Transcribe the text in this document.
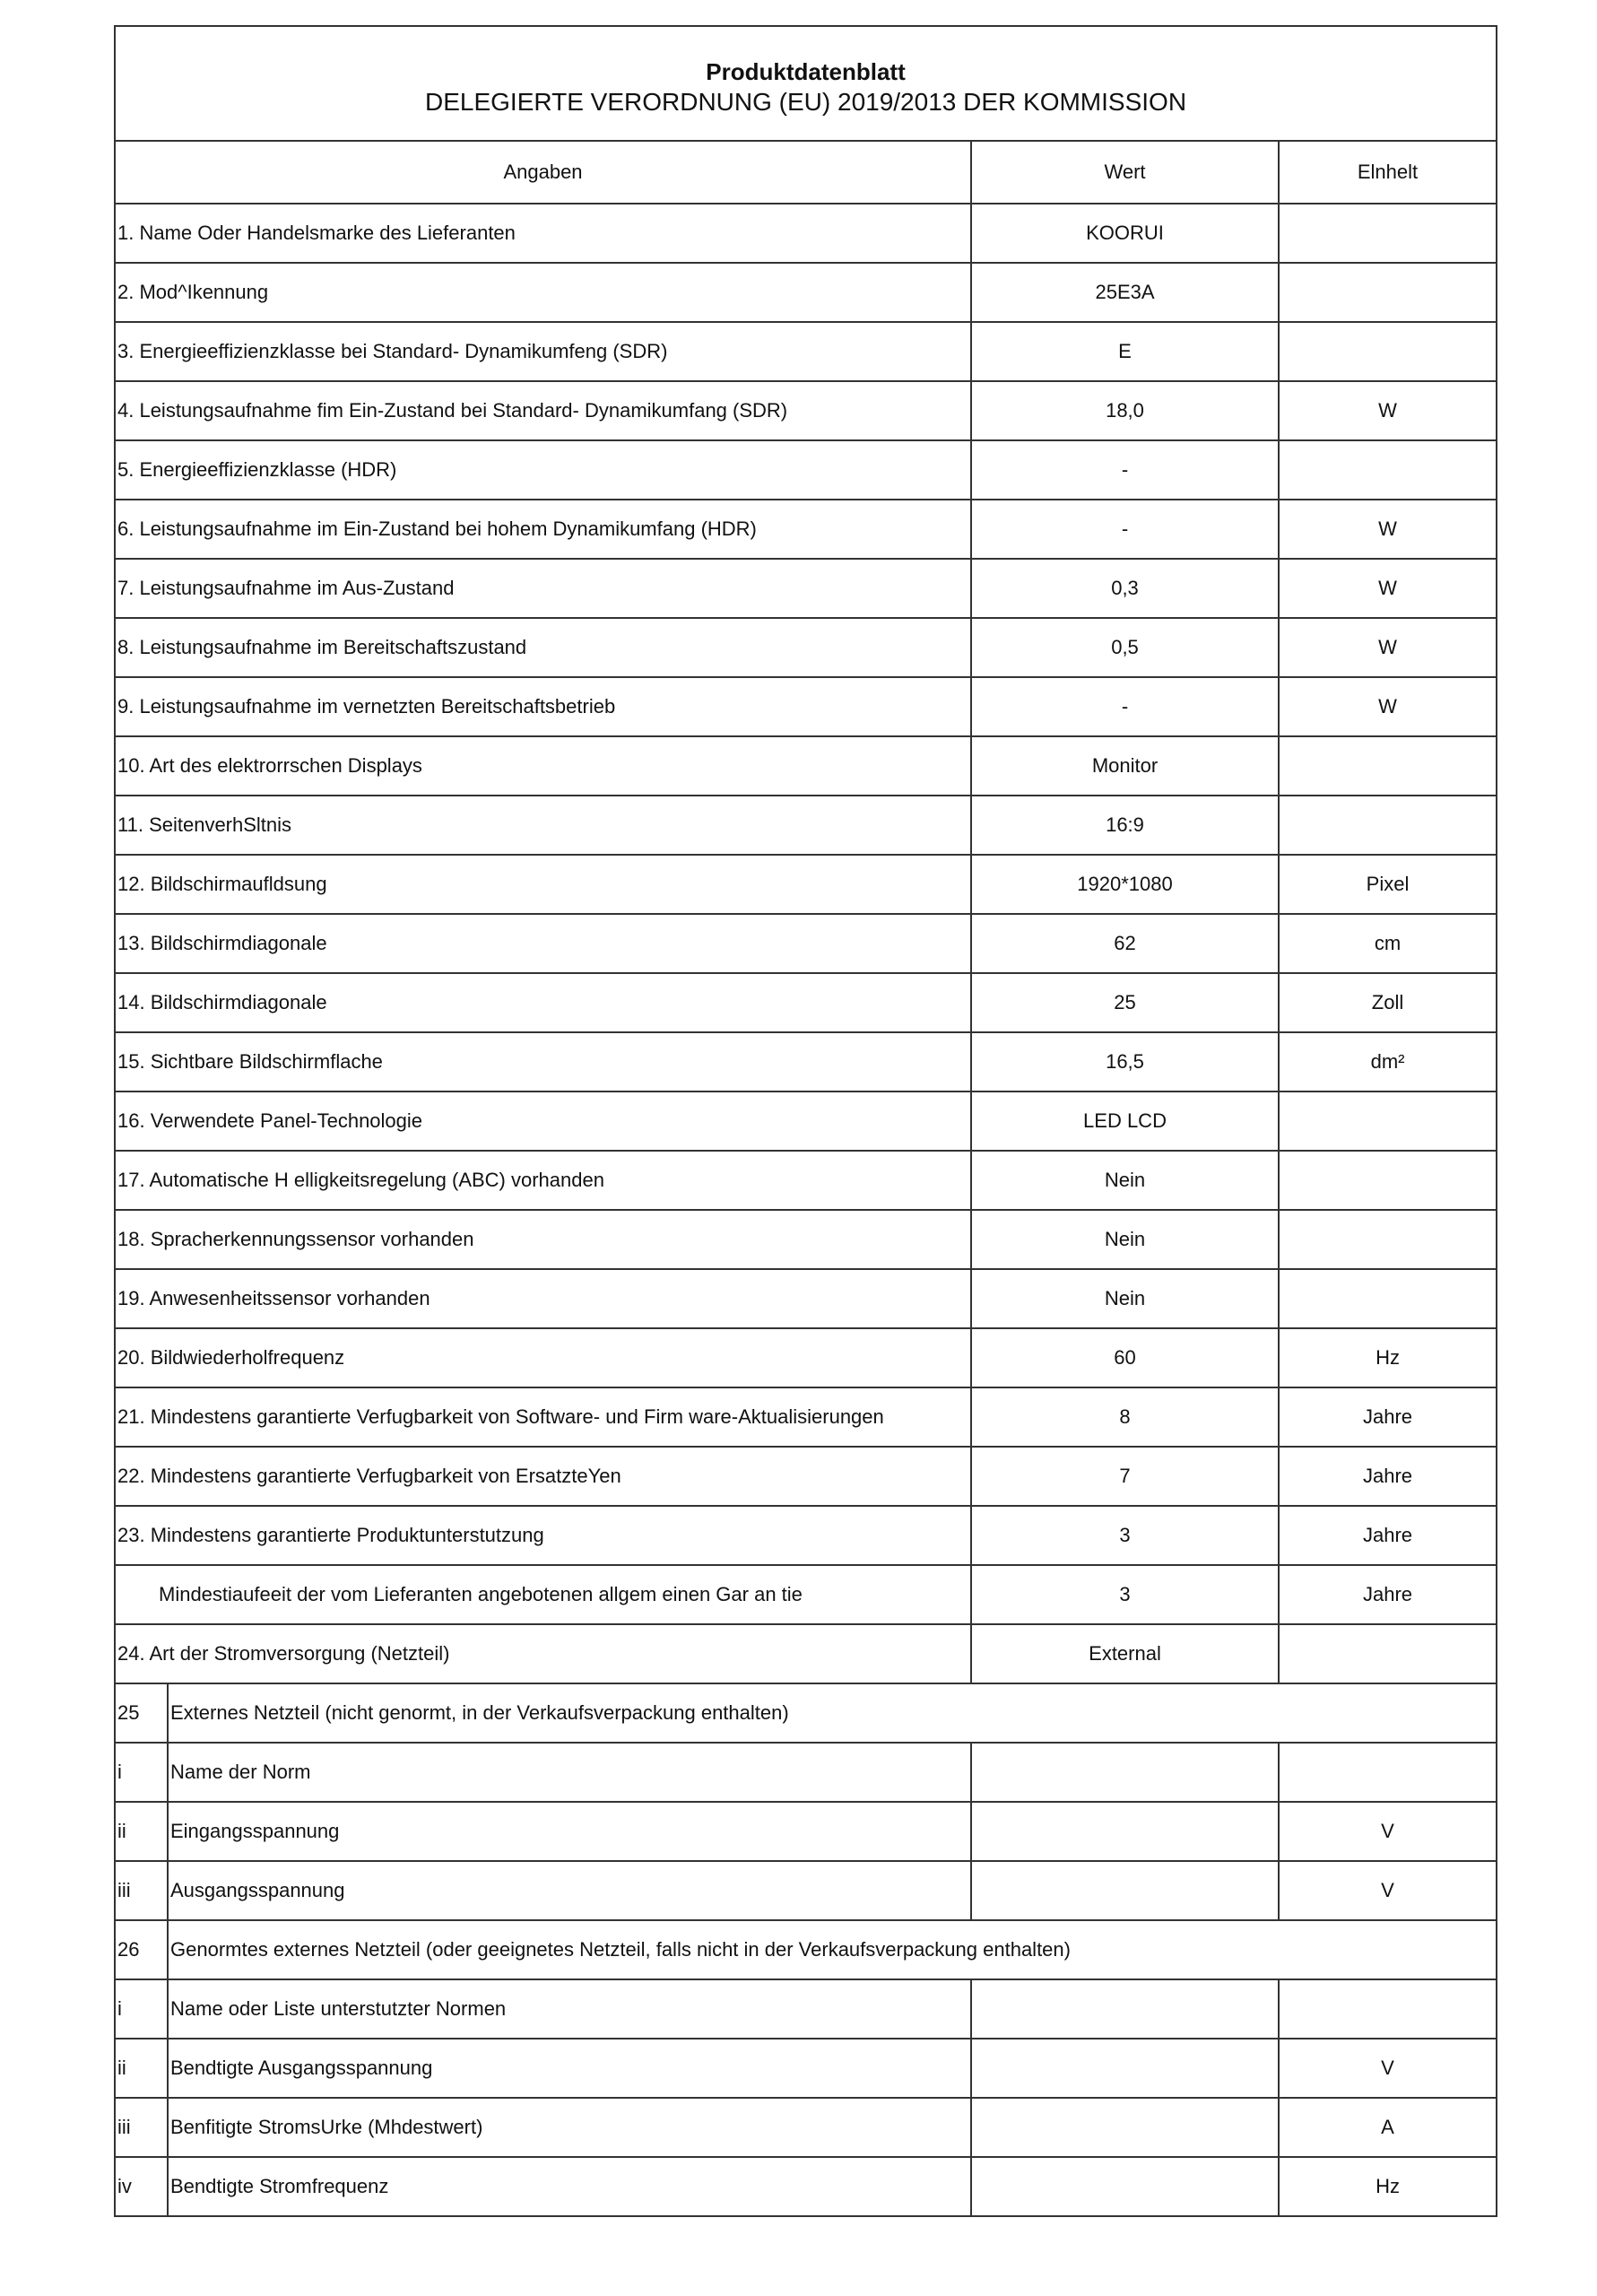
Produktdatenblatt
DELEGIERTE VERORDNUNG (EU) 2019/2013 DER KOMMISSION			

Angaben		Wert	Elnhelt
1. Name Oder Handelsmarke des Lieferanten		KOORUI	
2. Mod^Ikennung		25E3A	
3. Energieeffizienzklasse bei Standard- Dynamikumfeng (SDR)		E	
4. Leistungsaufnahme fim Ein-Zustand bei Standard- Dynamikumfang (SDR)		18,0	W
5. Energieeffizienzklasse (HDR)		-	
6. Leistungsaufnahme im Ein-Zustand bei hohem Dynamikumfang (HDR)		-	W
7. Leistungsaufnahme im Aus-Zustand		0,3	W
8. Leistungsaufnahme im Bereitschaftszustand		0,5	W
9. Leistungsaufnahme im vernetzten Bereitschaftsbetrieb		-	W
10. Art des elektrorrschen Displays		Monitor	
11. SeitenverhSltnis		16:9	
12. Bildschirmaufldsung		1920*1080	Pixel
13. Bildschirmdiagonale		62	cm
14. Bildschirmdiagonale		25	Zoll
15. Sichtbare Bildschirmflache		16,5	dm²
16. Verwendete Panel-Technologie		LED LCD	
17. Automatische H elligkeitsregelung (ABC) vorhanden		Nein	
18. Spracherkennungssensor vorhanden		Nein	
19. Anwesenheitssensor vorhanden		Nein	
20. Bildwiederholfrequenz		60	Hz
21. Mindestens garantierte Verfugbarkeit von Software- und Firm ware-Aktualisierungen		8	Jahre
22. Mindestens garantierte Verfugbarkeit von ErsatzteYen		7	Jahre
23. Mindestens garantierte Produktunterstutzung		3	Jahre
Mindestiaufeeit der vom Lieferanten angebotenen allgem einen Gar an tie		3	Jahre
24. Art der Stromversorgung (Netzteil)		External	
25	Externes Netzteil (nicht genormt, in der Verkaufsverpackung enthalten)		
i	Name der Norm		
ii	Eingangsspannung		V
iii	Ausgangsspannung		V
26	Genormtes externes Netzteil (oder geeignetes Netzteil, falls nicht in der Verkaufsverpackung enthalten)		
i	Name oder Liste unterstutzter Normen		
ii	Bendtigte Ausgangsspannung		V
iii	Benfitigte StromsUrke (Mhdestwert)		A
iv	Bendtigte Stromfrequenz		Hz
